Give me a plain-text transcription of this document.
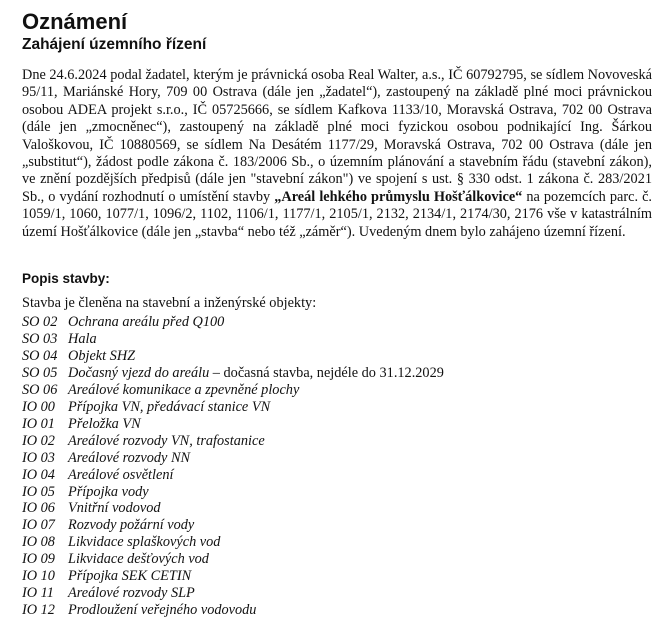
Oznámení
Zahájení územního řízení

Dne 24.6.2024 podal žadatel, kterým je právnická osoba Real Walter, a.s., IČ 60792795, se sídlem Novoveská 95/11, Mariánské Hory, 709 00 Ostrava (dále jen „žadatel“), zastoupený na základě plné moci právnickou osobou ADEA projekt s.r.o., IČ 05725666, se sídlem Kafkova 1133/10, Moravská Ostrava, 702 00 Ostrava (dále jen „zmocněnec“), zastoupený na základě plné moci fyzickou osobou podnikající Ing. Šárkou Valoškovou, IČ 10880569, se sídlem Na Desátém 1177/29, Moravská Ostrava, 702 00 Ostrava (dále jen „substitut“), žádost podle zákona č. 183/2006 Sb., o územním plánování a stavebním řádu (stavební zákon), ve znění pozdějších předpisů (dále jen "stavební zákon") ve spojení s ust. § 330 odst. 1 zákona č. 283/2021 Sb., o vydání rozhodnutí o umístění stavby „Areál lehkého průmyslu Hošťálkovice“ na pozemcích parc. č. 1059/1, 1060, 1077/1, 1096/2, 1102, 1106/1, 1177/1, 2105/1, 2132, 2134/1, 2174/30, 2176 vše v katastrálním území Hošťálkovice (dále jen „stavba“ nebo též „záměr“). Uvedeným dnem bylo zahájeno územní řízení.

Popis stavby:
Stavba je členěna na stavební a inženýrské objekty:
SO 02 Ochrana areálu před Q100
SO 03 Hala
SO 04 Objekt SHZ
SO 05 Dočasný vjezd do areálu – dočasná stavba, nejdéle do 31.12.2029
SO 06 Areálové komunikace a zpevněné plochy
IO 00 Přípojka VN, předávací stanice VN
IO 01 Přeložka VN
IO 02 Areálové rozvody VN, trafostanice
IO 03 Areálové rozvody NN
IO 04 Areálové osvětlení
IO 05 Přípojka vody
IO 06 Vnitřní vodovod
IO 07 Rozvody požární vody
IO 08 Likvidace splaškových vod
IO 09 Likvidace dešťových vod
IO 10 Přípojka SEK CETIN
IO 11 Areálové rozvody SLP
IO 12 Prodloužení veřejného vodovodu
